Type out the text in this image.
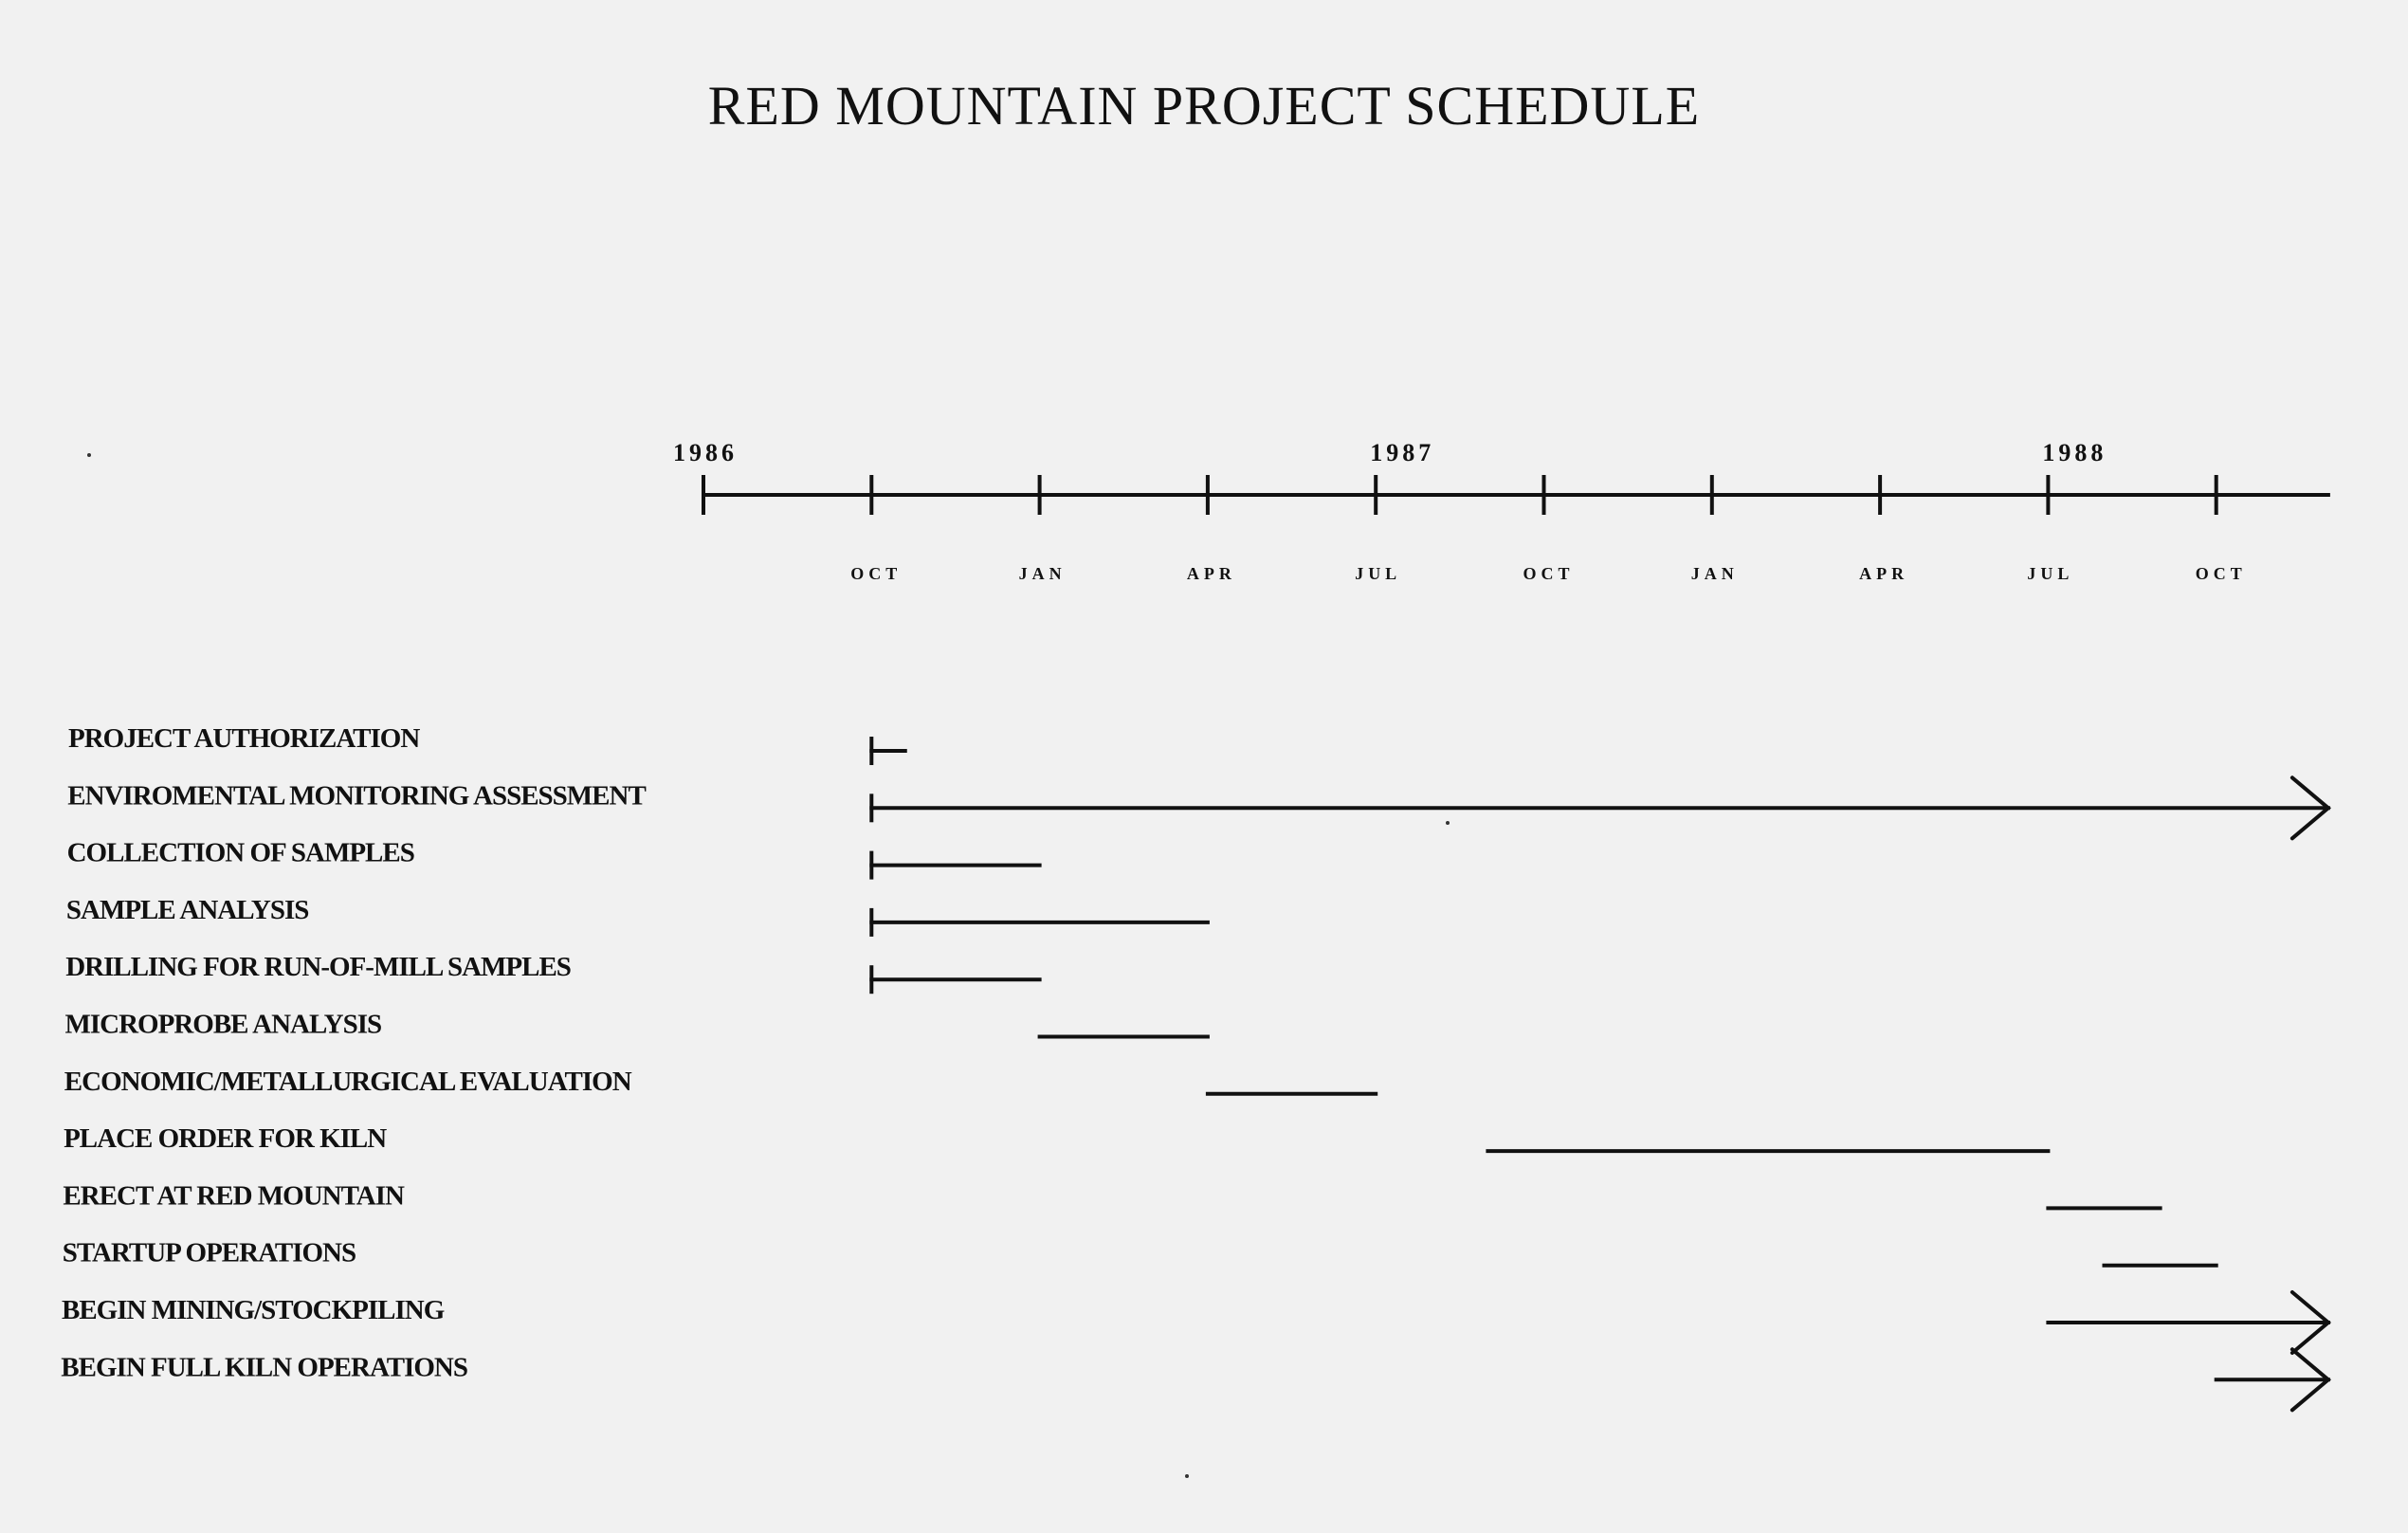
RED MOUNTAIN PROJECT SCHEDULE
1986	1987	1988
OCT	JAN	APR	JUL	OCT	JAN	APR	JUL	OCT
PROJECT AUTHORIZATION
ENVIROMENTAL MONITORING ASSESSMENT
COLLECTION OF SAMPLES
SAMPLE ANALYSIS
DRILLING FOR RUN-OF-MILL SAMPLES
MICROPROBE ANALYSIS
ECONOMIC/METALLURGICAL EVALUATION
PLACE ORDER FOR KILN
ERECT AT RED MOUNTAIN
STARTUP OPERATIONS
BEGIN MINING/STOCKPILING
BEGIN FULL KILN OPERATIONS
